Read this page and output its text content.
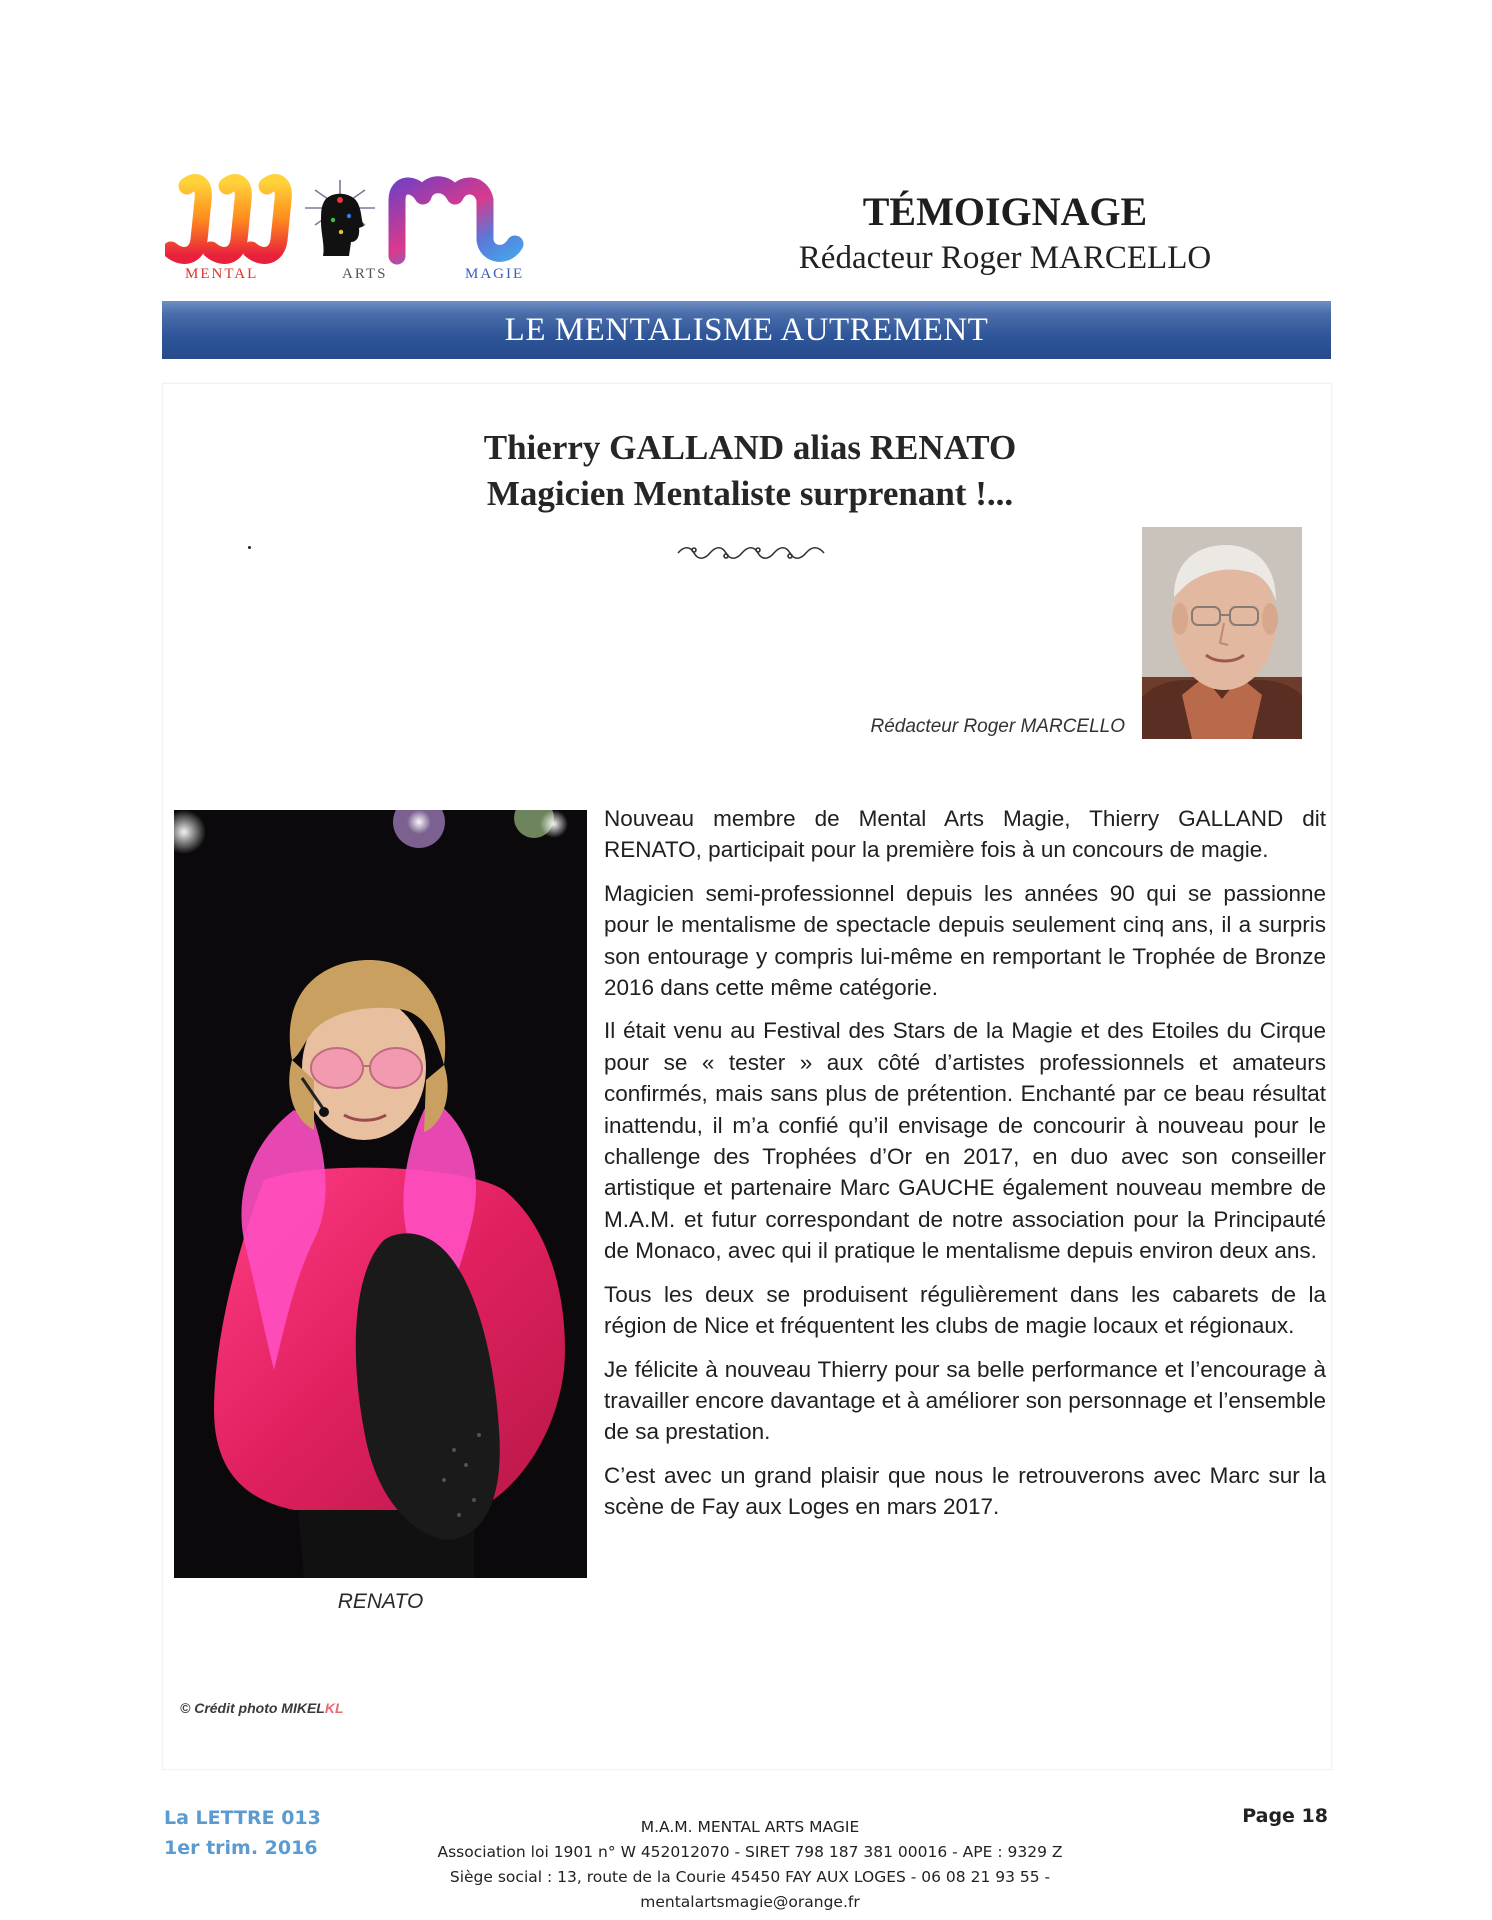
MENTAL	ARTS	MAGIE
TÉMOIGNAGE
Rédacteur Roger MARCELLO
LE MENTALISME AUTREMENT
Thierry GALLAND alias RENATO
Magicien Mentaliste surprenant !...
Rédacteur Roger MARCELLO
RENATO
© Crédit photo MIKELKL

Nouveau membre de Mental Arts Magie, Thierry GALLAND dit RENATO, participait pour la première fois à un concours de magie.

Magicien semi-professionnel depuis les années 90 qui se passionne pour le mentalisme de spectacle depuis seulement cinq ans, il a surpris son entourage y compris lui-même en remportant le Trophée de Bronze 2016 dans cette même catégorie.

Il était venu au Festival des Stars de la Magie et des Etoiles du Cirque pour se « tester » aux côté d’artistes professionnels et amateurs confirmés, mais sans plus de prétention. Enchanté par ce beau résultat inattendu, il m’a confié qu’il envisage de concourir à nouveau pour le challenge des Trophées d’Or en 2017, en duo avec son conseiller artistique et partenaire Marc GAUCHE également nouveau membre de M.A.M. et futur correspondant de notre association pour la Principauté de Monaco, avec qui il pratique le mentalisme depuis environ deux ans.

Tous les deux se produisent régulièrement dans les cabarets de la région de Nice et fréquentent les clubs de magie locaux et régionaux.

Je félicite à nouveau Thierry pour sa belle performance et l’encourage à travailler encore davantage et à améliorer son personnage et l’ensemble de sa prestation.

C’est avec un grand plaisir que nous le retrouverons avec Marc sur la scène de Fay aux Loges en mars 2017.

La LETTRE 013
1er trim. 2016
M.A.M. MENTAL ARTS MAGIE
Association loi 1901 n° W 452012070 - SIRET 798 187 381 00016 - APE : 9329 Z
Siège social : 13, route de la Courie 45450 FAY AUX LOGES - 06 08 21 93 55 - mentalartsmagie@orange.fr
Page 18
